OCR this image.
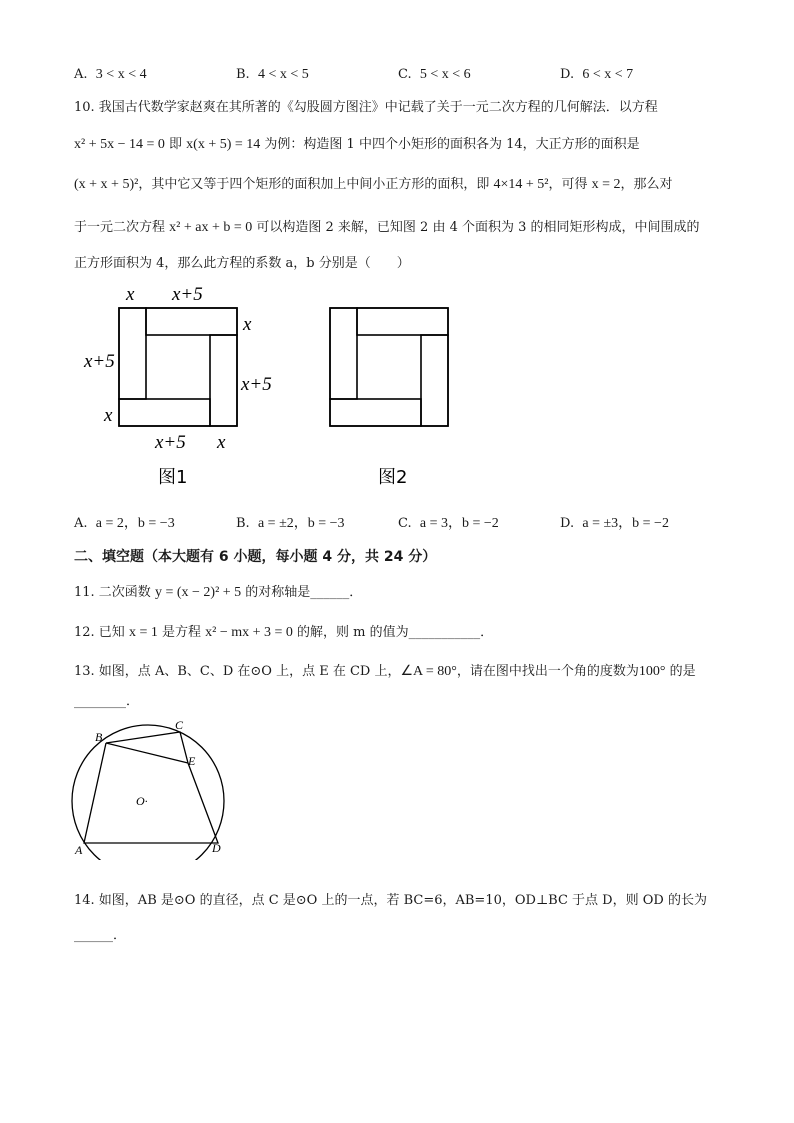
A. 3 < x < 4	B. 4 < x < 5	C. 5 < x < 6	D. 6 < x < 7
10. 我国古代数学家赵爽在其所著的《勾股圆方图注》中记载了关于一元二次方程的几何解法．以方程
x² + 5x − 14 = 0 即 x(x + 5) = 14 为例：构造图 1 中四个小矩形的面积各为 14，大正方形的面积是
(x + x + 5)²，其中它又等于四个矩形的面积加上中间小正方形的面积，即 4×14 + 5²，可得 x = 2，那么对
于一元二次方程 x² + ax + b = 0 可以构造图 2 来解，已知图 2 由 4 个面积为 3 的相同矩形构成，中间围成的
正方形面积为 4，那么此方程的系数 a，b 分别是（　　）
x x+5
x
x+5
x+5
x
x+5 x
图1	图2
A. a = 2，b = −3	B. a = ±2，b = −3	C. a = 3，b = −2	D. a = ±3，b = −2
二、填空题（本大题有 6 小题，每小题 4 分，共 24 分）
11. 二次函数 y = (x − 2)² + 5 的对称轴是______．
12. 已知 x = 1 是方程 x² − mx + 3 = 0 的解，则 m 的值为___________．
13. 如图，点 A、B、C、D 在⊙O 上，点 E 在 CD 上，∠A = 80°，请在图中找出一个角的度数为100° 的是
________．
B
C
E
O·
A	D
14. 如图，AB 是⊙O 的直径，点 C 是⊙O 上的一点，若 BC=6，AB=10，OD⊥BC 于点 D，则 OD 的长为
______．
